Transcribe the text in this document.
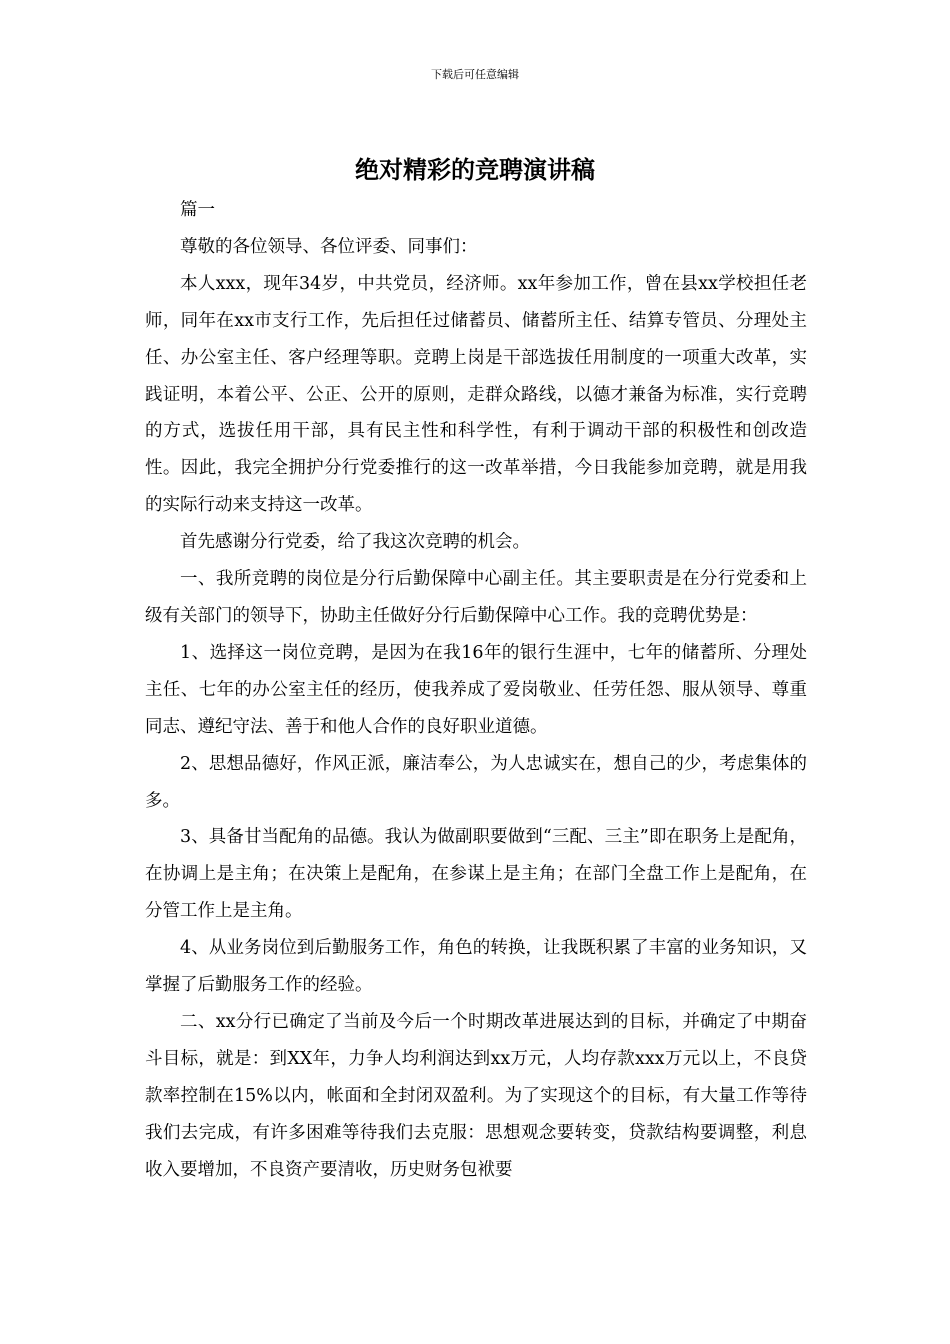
下载后可任意编辑
绝对精彩的竞聘演讲稿

篇一

尊敬的各位领导、各位评委、同事们：

本人xxx，现年34岁，中共党员，经济师。xx年参加工作，曾在县xx学校担任老师，同年在xx市支行工作，先后担任过储蓄员、储蓄所主任、结算专管员、分理处主任、办公室主任、客户经理等职。竞聘上岗是干部选拔任用制度的一项重大改革，实践证明，本着公平、公正、公开的原则，走群众路线，以德才兼备为标准，实行竞聘的方式，选拔任用干部，具有民主性和科学性，有利于调动干部的积极性和创改造性。因此，我完全拥护分行党委推行的这一改革举措，今日我能参加竞聘，就是用我的实际行动来支持这一改革。

首先感谢分行党委，给了我这次竞聘的机会。

一、我所竞聘的岗位是分行后勤保障中心副主任。其主要职责是在分行党委和上级有关部门的领导下，协助主任做好分行后勤保障中心工作。我的竞聘优势是：

1、选择这一岗位竞聘，是因为在我16年的银行生涯中，七年的储蓄所、分理处主任、七年的办公室主任的经历，使我养成了爱岗敬业、任劳任怨、服从领导、尊重同志、遵纪守法、善于和他人合作的良好职业道德。

2、思想品德好，作风正派，廉洁奉公，为人忠诚实在，想自己的少，考虑集体的多。

3、具备甘当配角的品德。我认为做副职要做到“三配、三主”即在职务上是配角，在协调上是主角；在决策上是配角，在参谋上是主角；在部门全盘工作上是配角，在分管工作上是主角。

4、从业务岗位到后勤服务工作，角色的转换，让我既积累了丰富的业务知识，又掌握了后勤服务工作的经验。

二、xx分行已确定了当前及今后一个时期改革进展达到的目标，并确定了中期奋斗目标，就是：到XX年，力争人均利润达到xx万元，人均存款xxx万元以上，不良贷款率控制在15%以内，帐面和全封闭双盈利。为了实现这个的目标，有大量工作等待我们去完成，有许多困难等待我们去克服：思想观念要转变，贷款结构要调整，利息收入要增加，不良资产要清收，历史财务包袱要
